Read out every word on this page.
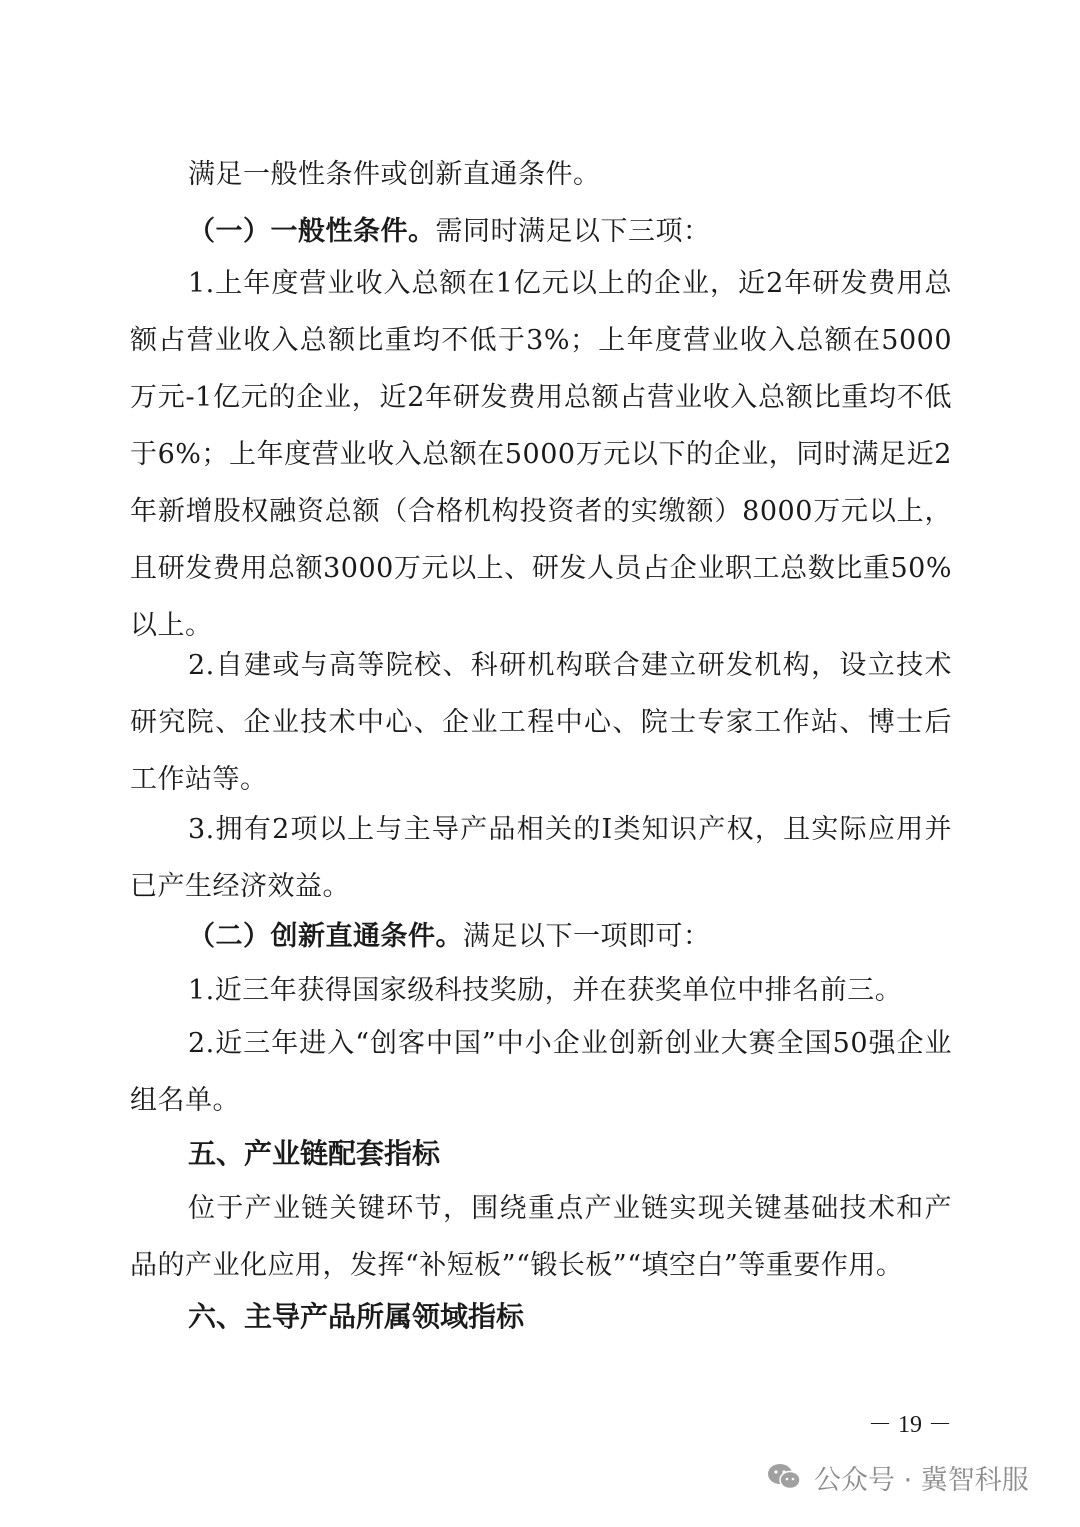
满足一般性条件或创新直通条件。

（一）一般性条件。需同时满足以下三项：

1.上年度营业收入总额在1亿元以上的企业，近2年研发费用总额占营业收入总额比重均不低于3%；上年度营业收入总额在5000万元-1亿元的企业，近2年研发费用总额占营业收入总额比重均不低于6%；上年度营业收入总额在5000万元以下的企业，同时满足近2年新增股权融资总额（合格机构投资者的实缴额）8000万元以上，且研发费用总额3000万元以上、研发人员占企业职工总数比重50%以上。

2.自建或与高等院校、科研机构联合建立研发机构，设立技术研究院、企业技术中心、企业工程中心、院士专家工作站、博士后工作站等。

3.拥有2项以上与主导产品相关的I类知识产权，且实际应用并已产生经济效益。

（二）创新直通条件。满足以下一项即可：

1.近三年获得国家级科技奖励，并在获奖单位中排名前三。

2.近三年进入“创客中国”中小企业创新创业大赛全国50强企业组名单。

五、产业链配套指标

位于产业链关键环节，围绕重点产业链实现关键基础技术和产品的产业化应用，发挥“补短板”“锻长板”“填空白”等重要作用。

六、主导产品所属领域指标
－ 19 －
公众号 · 冀智科服
